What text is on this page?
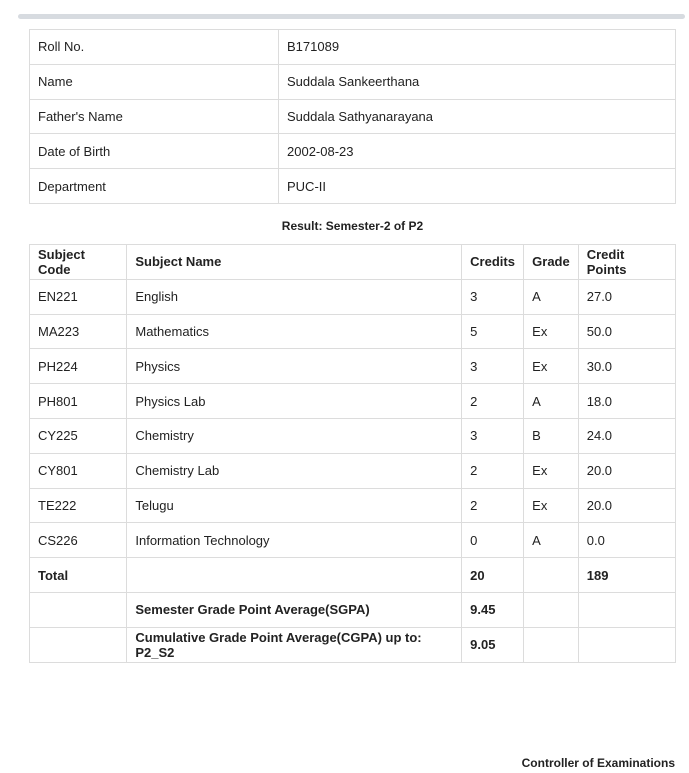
Roll No.	B171089
Name	Suddala Sankeerthana
Father's Name	Suddala Sathyanarayana
Date of Birth	2002-08-23
Department	PUC-II
Result: Semester-2 of P2
Subject Code	Subject Name	Credits	Grade	Credit Points
EN221	English	3	A	27.0
MA223	Mathematics	5	Ex	50.0
PH224	Physics	3	Ex	30.0
PH801	Physics Lab	2	A	18.0
CY225	Chemistry	3	B	24.0
CY801	Chemistry Lab	2	Ex	20.0
TE222	Telugu	2	Ex	20.0
CS226	Information Technology	0	A	0.0
Total		20		189
	Semester Grade Point Average(SGPA)	9.45		
	Cumulative Grade Point Average(CGPA) up to: P2_S2	9.05		
Controller of Examinations
